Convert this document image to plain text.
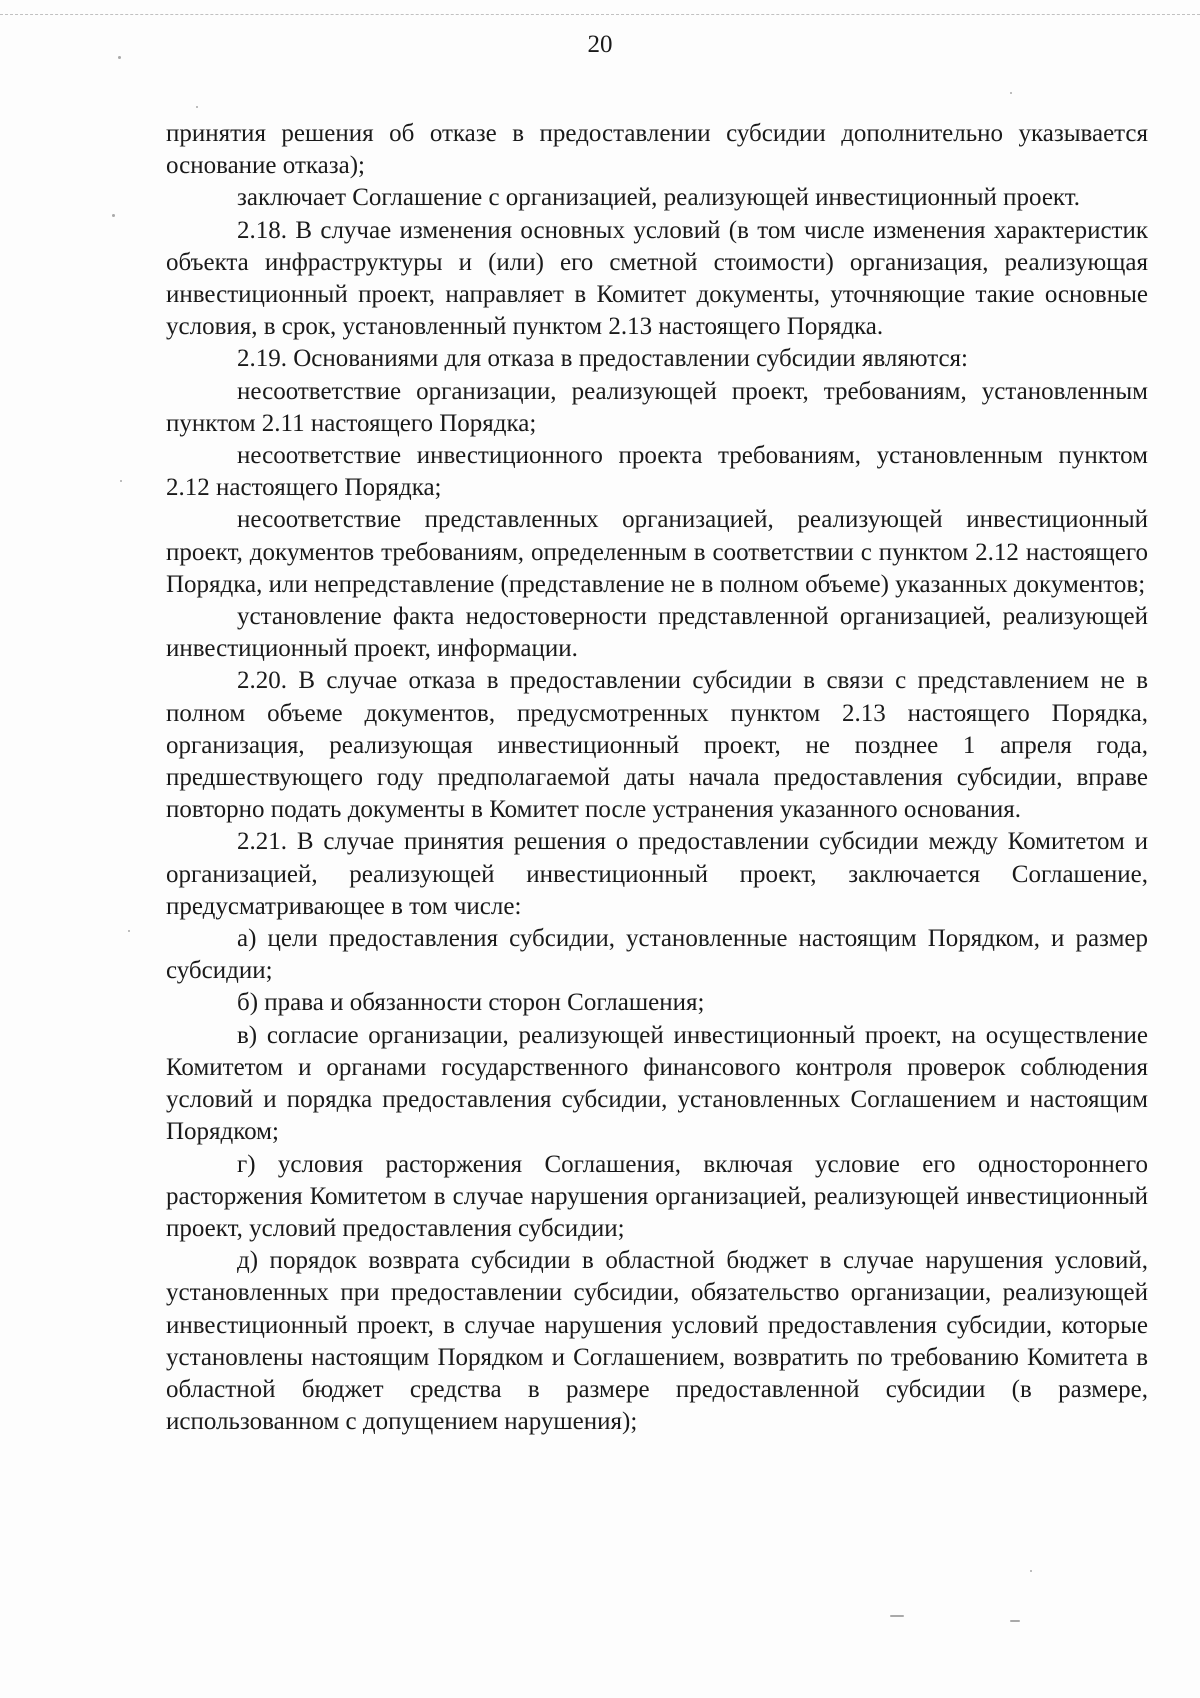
20

принятия решения об отказе в предоставлении субсидии дополнительно указывается основание отказа);

заключает Соглашение с организацией, реализующей инвестиционный проект.

2.18. В случае изменения основных условий (в том числе изменения характеристик объекта инфраструктуры и (или) его сметной стоимости) организация, реализующая инвестиционный проект, направляет в Комитет документы, уточняющие такие основные условия, в срок, установленный пунктом 2.13 настоящего Порядка.

2.19. Основаниями для отказа в предоставлении субсидии являются:

несоответствие организации, реализующей проект, требованиям, установленным пунктом 2.11 настоящего Порядка;

несоответствие инвестиционного проекта требованиям, установленным пунктом 2.12 настоящего Порядка;

несоответствие представленных организацией, реализующей инвестиционный проект, документов требованиям, определенным в соответствии с пунктом 2.12 настоящего Порядка, или непредставление (представление не в полном объеме) указанных документов;

установление факта недостоверности представленной организацией, реализующей инвестиционный проект, информации.

2.20. В случае отказа в предоставлении субсидии в связи с представлением не в полном объеме документов, предусмотренных пунктом 2.13 настоящего Порядка, организация, реализующая инвестиционный проект, не позднее 1 апреля года, предшествующего году предполагаемой даты начала предоставления субсидии, вправе повторно подать документы в Комитет после устранения указанного основания.

2.21. В случае принятия решения о предоставлении субсидии между Комитетом и организацией, реализующей инвестиционный проект, заключается Соглашение, предусматривающее в том числе:

а) цели предоставления субсидии, установленные настоящим Порядком, и размер субсидии;

б) права и обязанности сторон Соглашения;

в) согласие организации, реализующей инвестиционный проект, на осуществление Комитетом и органами государственного финансового контроля проверок соблюдения условий и порядка предоставления субсидии, установленных Соглашением и настоящим Порядком;

г) условия расторжения Соглашения, включая условие его одностороннего расторжения Комитетом в случае нарушения организацией, реализующей инвестиционный проект, условий предоставления субсидии;

д) порядок возврата субсидии в областной бюджет в случае нарушения условий, установленных при предоставлении субсидии, обязательство организации, реализующей инвестиционный проект, в случае нарушения условий предоставления субсидии, которые установлены настоящим Порядком и Соглашением, возвратить по требованию Комитета в областной бюджет средства в размере предоставленной субсидии (в размере, использованном с допущением нарушения);
